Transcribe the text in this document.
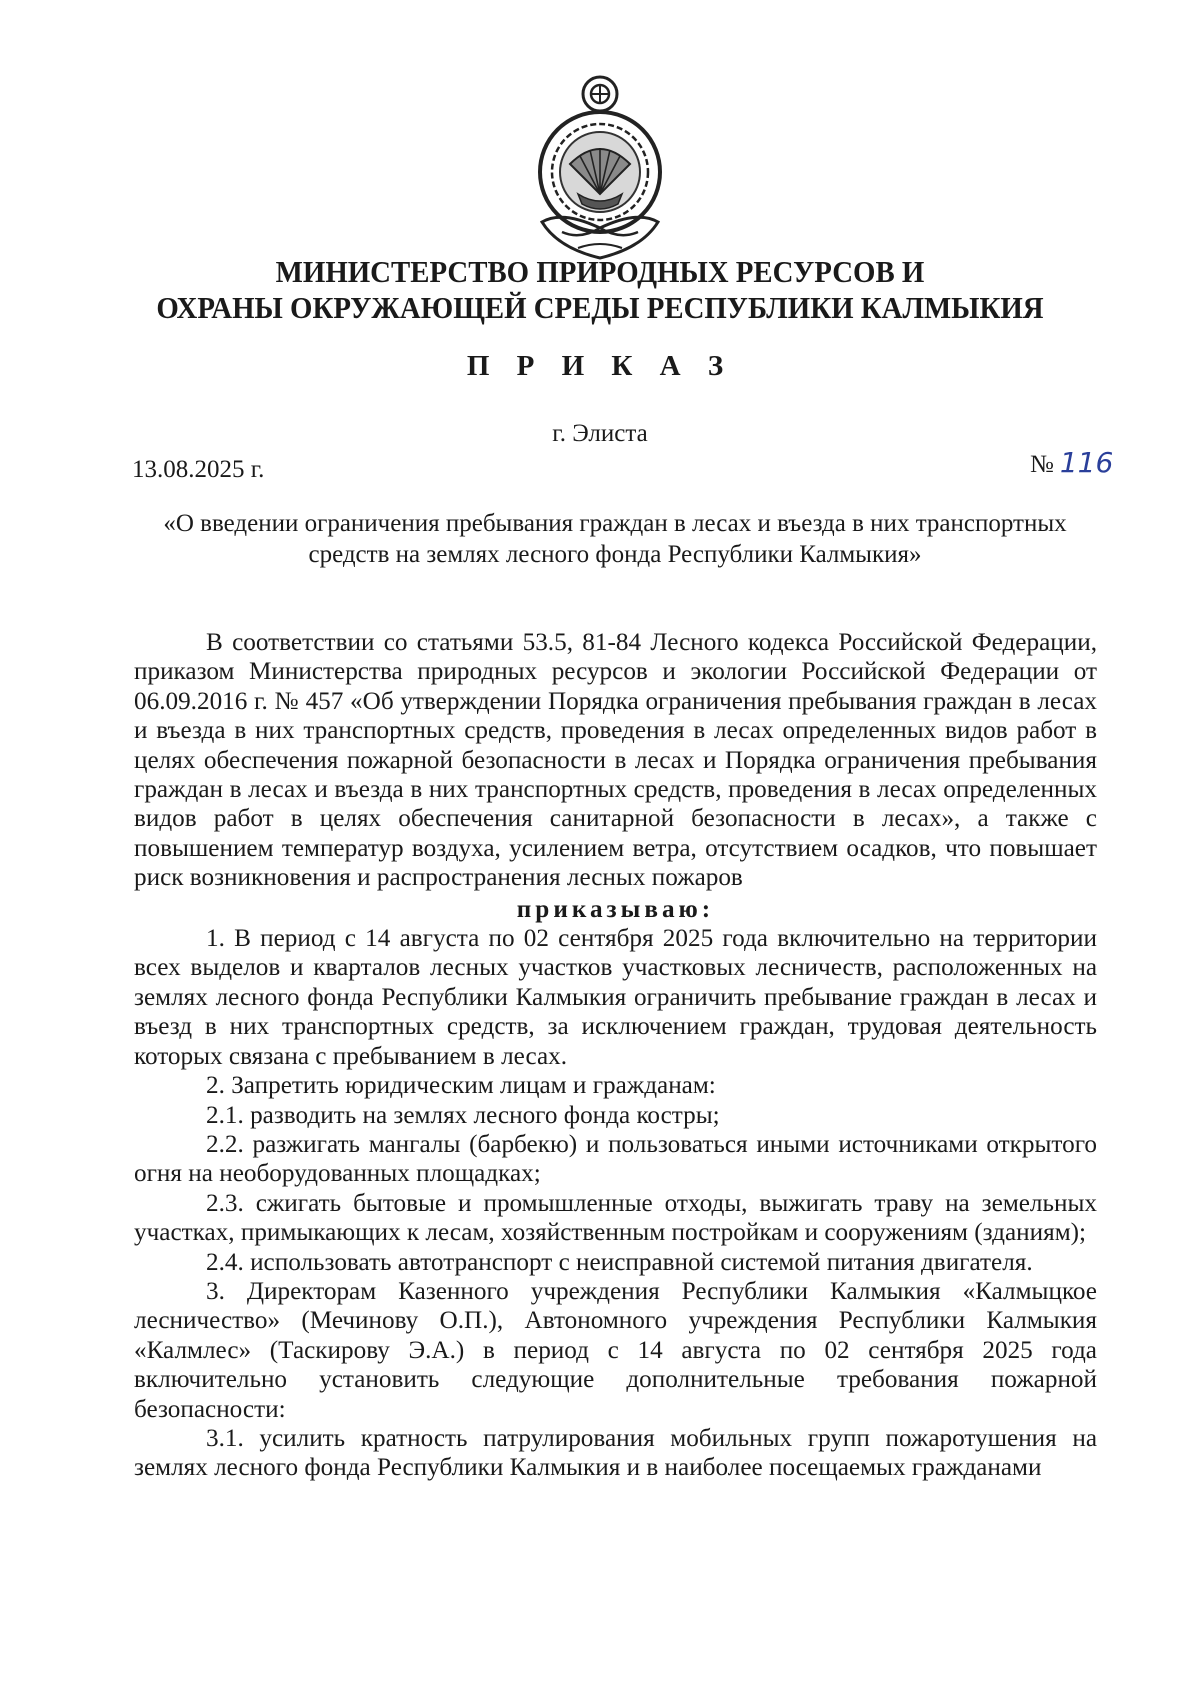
МИНИСТЕРСТВО ПРИРОДНЫХ РЕСУРСОВ И
ОХРАНЫ ОКРУЖАЮЩЕЙ СРЕДЫ РЕСПУБЛИКИ КАЛМЫКИЯ
П Р И К А З
г. Элиста
13.08.2025 г.	№ 116
«О введении ограничения пребывания граждан в лесах и въезда в них транспортных
средств на землях лесного фонда Республики Калмыкия»

В соответствии со статьями 53.5, 81-84 Лесного кодекса Российской Федерации, приказом Министерства природных ресурсов и экологии Российской Федерации от 06.09.2016 г. № 457 «Об утверждении Порядка ограничения пребывания граждан в лесах и въезда в них транспортных средств, проведения в лесах определенных видов работ в целях обеспечения пожарной безопасности в лесах и Порядка ограничения пребывания граждан в лесах и въезда в них транспортных средств, проведения в лесах определенных видов работ в целях обеспечения санитарной безопасности в лесах», а также с повышением температур воздуха, усилением ветра, отсутствием осадков, что повышает риск возникновения и распространения лесных пожаров

приказываю:

1. В период с 14 августа по 02 сентября 2025 года включительно на территории всех выделов и кварталов лесных участков участковых лесничеств, расположенных на землях лесного фонда Республики Калмыкия ограничить пребывание граждан в лесах и въезд в них транспортных средств, за исключением граждан, трудовая деятельность которых связана с пребыванием в лесах.

2. Запретить юридическим лицам и гражданам:

2.1. разводить на землях лесного фонда костры;

2.2. разжигать мангалы (барбекю) и пользоваться иными источниками открытого огня на необорудованных площадках;

2.3. сжигать бытовые и промышленные отходы, выжигать траву на земельных участках, примыкающих к лесам, хозяйственным постройкам и сооружениям (зданиям);

2.4. использовать автотранспорт с неисправной системой питания двигателя.

3. Директорам Казенного учреждения Республики Калмыкия «Калмыцкое лесничество» (Мечинову О.П.), Автономного учреждения Республики Калмыкия «Калмлес» (Таскирову Э.А.) в период с 14 августа по 02 сентября 2025 года включительно установить следующие дополнительные требования пожарной безопасности:

3.1. усилить кратность патрулирования мобильных групп пожаротушения на землях лесного фонда Республики Калмыкия и в наиболее посещаемых гражданами
